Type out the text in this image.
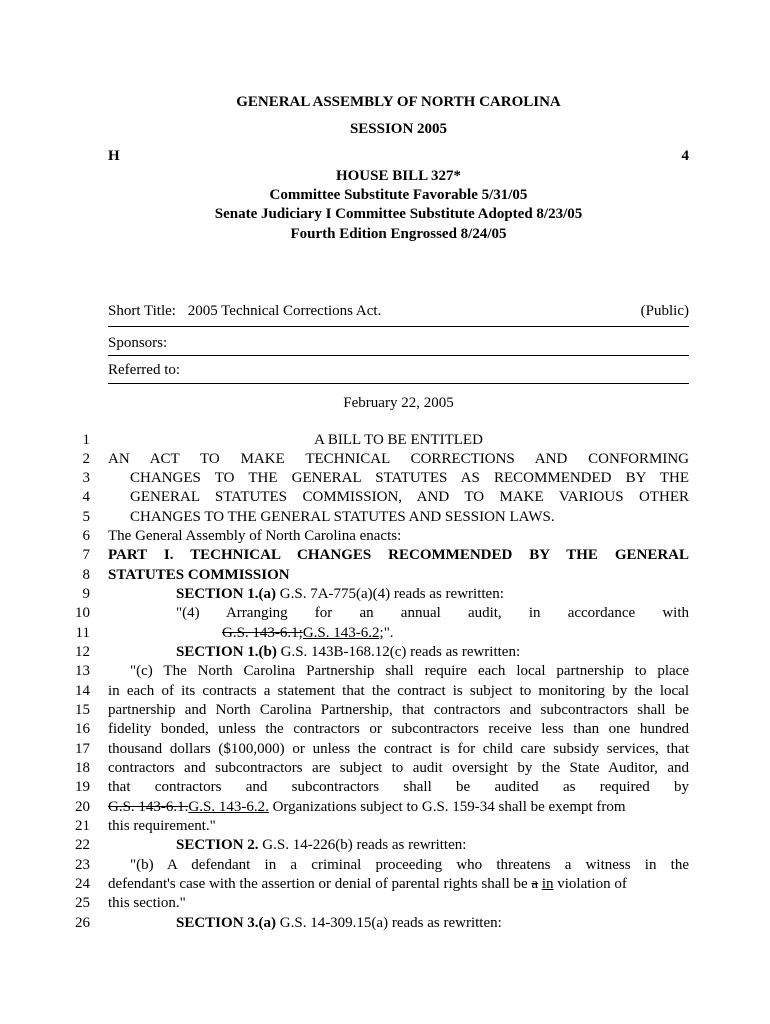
GENERAL ASSEMBLY OF NORTH CAROLINA
SESSION 2005
H	4
HOUSE BILL 327*
Committee Substitute Favorable 5/31/05
Senate Judiciary I Committee Substitute Adopted 8/23/05
Fourth Edition Engrossed 8/24/05
Short Title: 2005 Technical Corrections Act.	(Public)
Sponsors:
Referred to:
February 22, 2005
1	A BILL TO BE ENTITLED
2 AN ACT TO MAKE TECHNICAL CORRECTIONS AND CONFORMING
3	CHANGES TO THE GENERAL STATUTES AS RECOMMENDED BY THE
4	GENERAL STATUTES COMMISSION, AND TO MAKE VARIOUS OTHER
5	CHANGES TO THE GENERAL STATUTES AND SESSION LAWS.
6 The General Assembly of North Carolina enacts:
7 PART I. TECHNICAL CHANGES RECOMMENDED BY THE GENERAL
8 STATUTES COMMISSION
9	SECTION 1.(a) G.S. 7A-775(a)(4) reads as rewritten:
10	"(4) Arranging for an annual audit, in accordance with
11	G.S. 143-6.1;G.S. 143-6.2;".
12	SECTION 1.(b) G.S. 143B-168.12(c) reads as rewritten:
13	"(c) The North Carolina Partnership shall require each local partnership to place
14 in each of its contracts a statement that the contract is subject to monitoring by the local
15 partnership and North Carolina Partnership, that contractors and subcontractors shall be
16 fidelity bonded, unless the contractors or subcontractors receive less than one hundred
17 thousand dollars ($100,000) or unless the contract is for child care subsidy services, that
18 contractors and subcontractors are subject to audit oversight by the State Auditor, and
19 that contractors and subcontractors shall be audited as required by
20 G.S. 143-6.1.G.S. 143-6.2. Organizations subject to G.S. 159-34 shall be exempt from
21 this requirement."
22	SECTION 2. G.S. 14-226(b) reads as rewritten:
23	"(b) A defendant in a criminal proceeding who threatens a witness in the
24 defendant's case with the assertion or denial of parental rights shall be a in violation of
25 this section."
26	SECTION 3.(a) G.S. 14-309.15(a) reads as rewritten:
